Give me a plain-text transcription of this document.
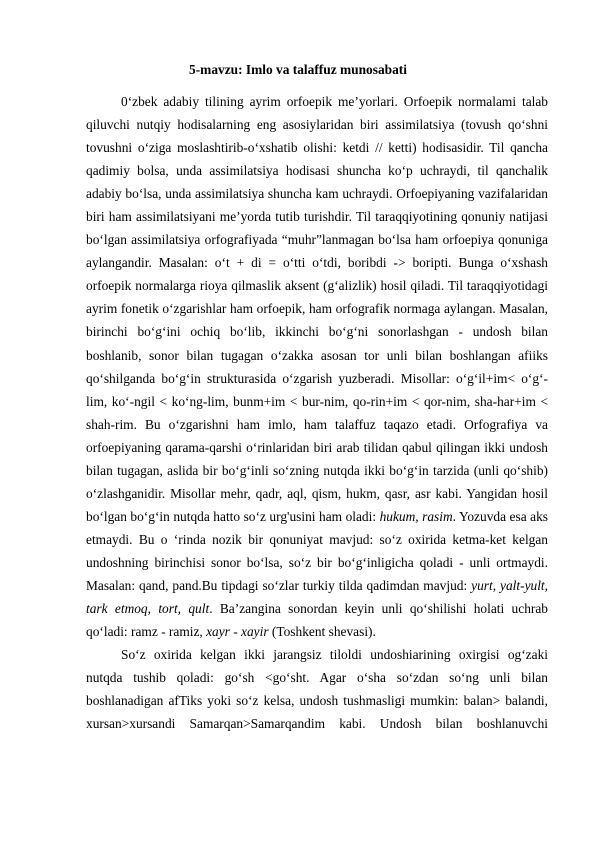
5-mavzu: Imlo va talaffuz munosabati

0‘zbek adabiy tilining ayrim orfoepik me’yorlari. Orfoepik normalami talab qiluvchi nutqiy hodisalarning eng asosiylaridan biri assimilatsiya (tovush qo‘shni tovushni o‘ziga moslashtirib-o‘xshatib olishi: ketdi // ketti) hodisasidir. Til qancha qadimiy bolsa, unda assimilatsiya hodisasi shuncha ko‘p uchraydi, til qanchalik adabiy bo‘lsa, unda assimilatsiya shuncha kam uchraydi. Orfoepiyaning vazifalaridan biri ham assimilatsiyani me’yorda tutib turishdir. Til taraqqiyotining qonuniy natijasi bo‘lgan assimilatsiya orfografiyada “muhr”lanmagan bo‘lsa ham orfoepiya qonuniga aylangandir. Masalan: o‘t + di = o‘tti o‘tdi, boribdi -> boripti. Bunga o‘xshash orfoepik normalarga rioya qilmaslik aksent (g‘alizlik) hosil qiladi. Til taraqqiyotidagi ayrim fonetik o‘zgarishlar ham orfoepik, ham orfografik normaga aylangan. Masalan, birinchi bo‘g‘ini ochiq bo‘lib, ikkinchi bo‘g‘ni sonorlashgan - undosh bilan boshlanib, sonor bilan tugagan o‘zakka asosan tor unli bilan boshlangan afiiks qo‘shilganda bo‘g‘in strukturasida o‘zgarish yuzberadi. Misollar: o‘g‘il+im< o‘g‘-lim, ko‘-ngil < ko‘ng-lim, bunm+im < bur-nim, qo-rin+im < qor-nim, sha-har+im < shah-rim. Bu o‘zgarishni ham imlo, ham talaffuz taqazo etadi. Orfografiya va orfoepiyaning qarama-qarshi o‘rinlaridan biri arab tilidan qabul qilingan ikki undosh bilan tugagan, aslida bir bo‘g‘inli so‘zning nutqda ikki bo‘g‘in tarzida (unli qo‘shib) o‘zlashganidir. Misollar mehr, qadr, aql, qism, hukm, qasr, asr kabi. Yangidan hosil bo‘lgan bo‘g‘in nutqda hatto so‘z urg'usini ham oladi: hukum, rasim. Yozuvda esa aks etmaydi. Bu o ‘rinda nozik bir qonuniyat mavjud: so‘z oxirida ketma-ket kelgan undoshning birinchisi sonor bo‘lsa, so‘z bir bo‘g‘inligicha qoladi - unli ortmaydi. Masalan: qand, pand.Bu tipdagi so‘zlar turkiy tilda qadimdan mavjud: yurt, yalt-yult, tark etmoq, tort, qult. Ba’zangina sonordan keyin unli qo‘shilishi holati uchrab qo‘ladi: ramz - ramiz, xayr - xayir (Toshkent shevasi).

So‘z oxirida kelgan ikki jarangsiz tiloldi undoshiarining oxirgisi og‘zaki nutqda tushib qoladi: go‘sh <go‘sht. Agar o‘sha so‘zdan so‘ng unli bilan boshlanadigan afTiks yoki so‘z kelsa, undosh tushmasligi mumkin: balan> balandi, xursan>xursandi Samarqan>Samarqandim kabi. Undosh bilan boshlanuvchi
